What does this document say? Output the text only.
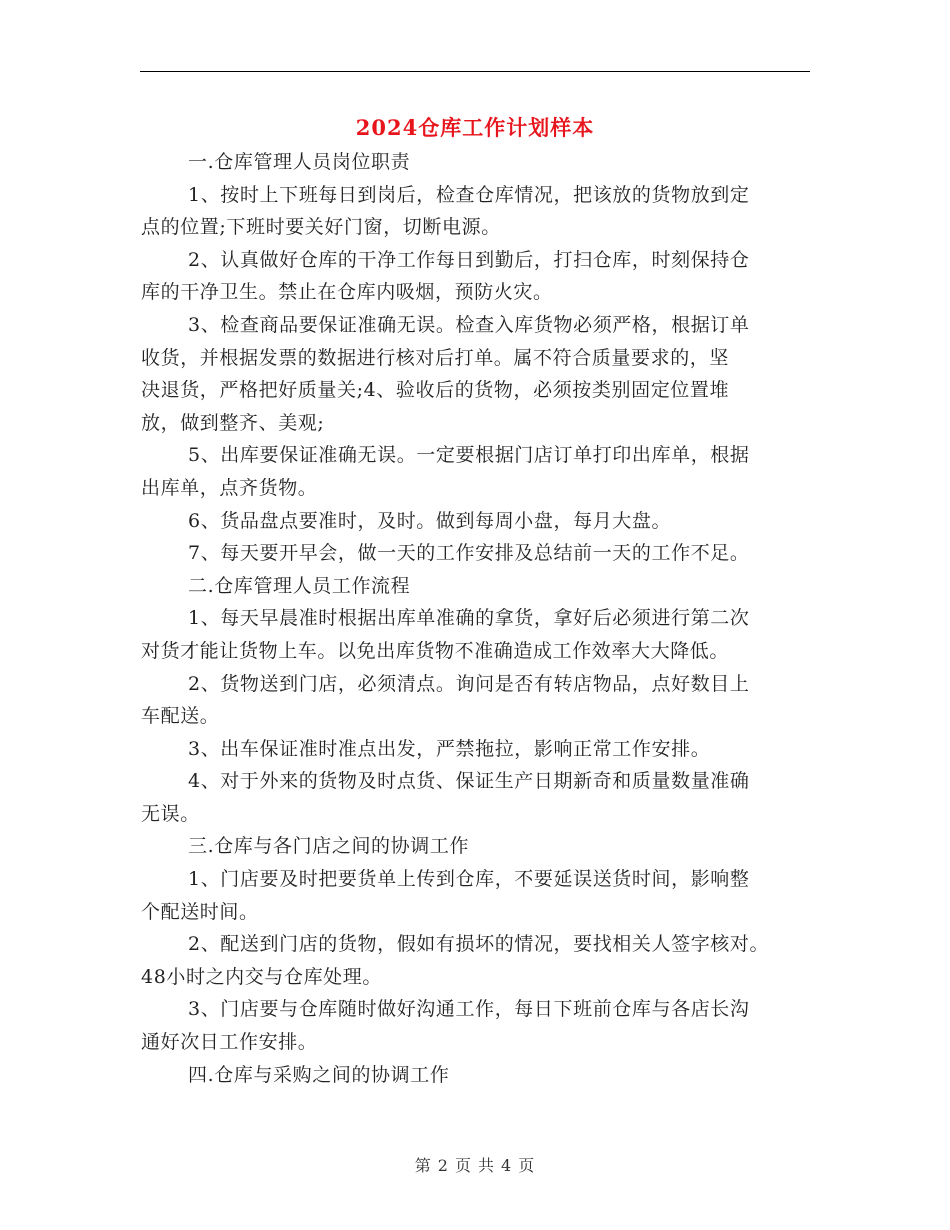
2024仓库工作计划样本
一.仓库管理人员岗位职责
1、按时上下班每日到岗后，检查仓库情况，把该放的货物放到定
点的位置;下班时要关好门窗，切断电源。
2、认真做好仓库的干净工作每日到勤后，打扫仓库，时刻保持仓
库的干净卫生。禁止在仓库内吸烟，预防火灾。
3、检查商品要保证准确无误。检查入库货物必须严格，根据订单
收货，并根据发票的数据进行核对后打单。属不符合质量要求的，坚
决退货，严格把好质量关;4、验收后的货物，必须按类别固定位置堆
放，做到整齐、美观;
5、出库要保证准确无误。一定要根据门店订单打印出库单，根据
出库单，点齐货物。
6、货品盘点要准时，及时。做到每周小盘，每月大盘。
7、每天要开早会，做一天的工作安排及总结前一天的工作不足。
二.仓库管理人员工作流程
1、每天早晨准时根据出库单准确的拿货，拿好后必须进行第二次
对货才能让货物上车。以免出库货物不准确造成工作效率大大降低。
2、货物送到门店，必须清点。询问是否有转店物品，点好数目上
车配送。
3、出车保证准时准点出发，严禁拖拉，影响正常工作安排。
4、对于外来的货物及时点货、保证生产日期新奇和质量数量准确
无误。
三.仓库与各门店之间的协调工作
1、门店要及时把要货单上传到仓库，不要延误送货时间，影响整
个配送时间。
2、配送到门店的货物，假如有损坏的情况，要找相关人签字核对。
48小时之内交与仓库处理。
3、门店要与仓库随时做好沟通工作，每日下班前仓库与各店长沟
通好次日工作安排。
四.仓库与采购之间的协调工作
第 2 页 共 4 页
